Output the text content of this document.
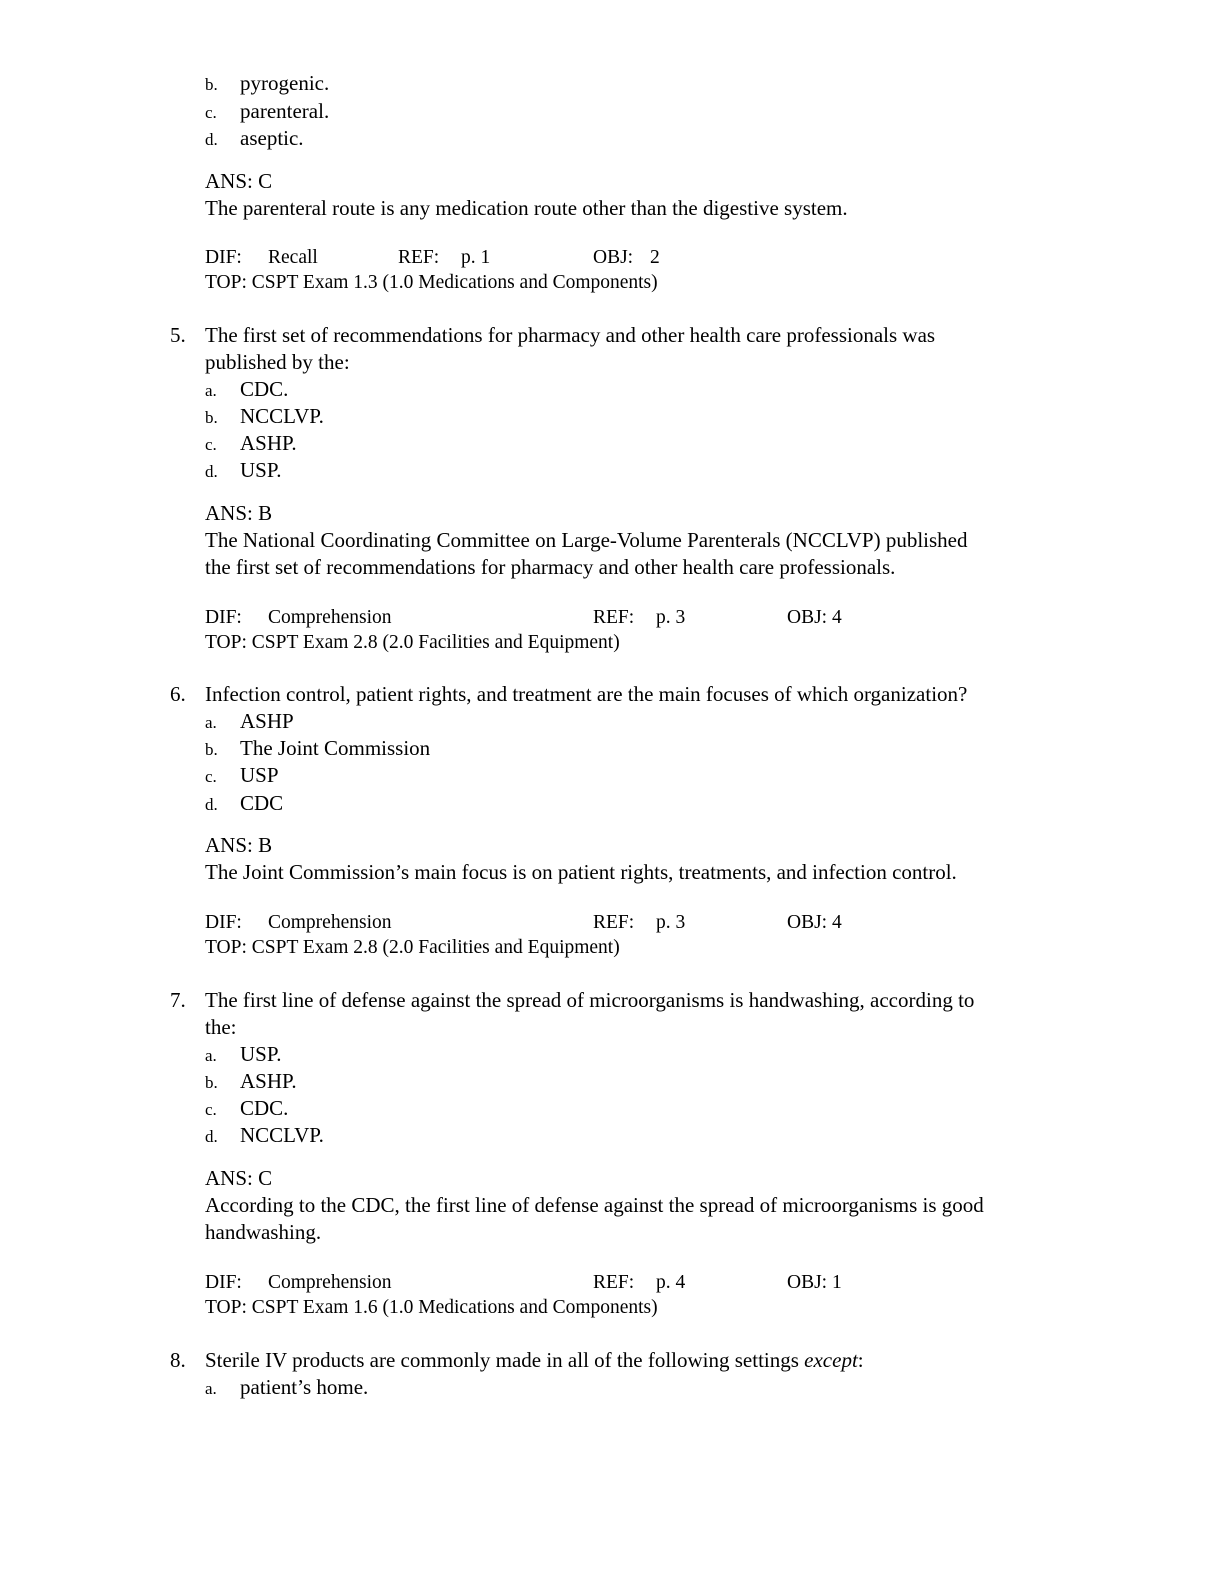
b. pyrogenic.
c. parenteral.
d. aseptic.
ANS: C
The parenteral route is any medication route other than the digestive system.
DIF: Recall	REF: p. 1	OBJ: 2
TOP: CSPT Exam 1.3 (1.0 Medications and Components)
5. The first set of recommendations for pharmacy and other health care professionals was
published by the:
a. CDC.
b. NCCLVP.
c. ASHP.
d. USP.
ANS: B
The National Coordinating Committee on Large-Volume Parenterals (NCCLVP) published
the first set of recommendations for pharmacy and other health care professionals.
DIF: Comprehension	REF: p. 3	OBJ: 4
TOP: CSPT Exam 2.8 (2.0 Facilities and Equipment)
6. Infection control, patient rights, and treatment are the main focuses of which organization?
a. ASHP
b. The Joint Commission
c. USP
d. CDC
ANS: B
The Joint Commission’s main focus is on patient rights, treatments, and infection control.
DIF: Comprehension	REF: p. 3	OBJ: 4
TOP: CSPT Exam 2.8 (2.0 Facilities and Equipment)
7. The first line of defense against the spread of microorganisms is handwashing, according to
the:
a. USP.
b. ASHP.
c. CDC.
d. NCCLVP.
ANS: C
According to the CDC, the first line of defense against the spread of microorganisms is good
handwashing.
DIF: Comprehension	REF: p. 4	OBJ: 1
TOP: CSPT Exam 1.6 (1.0 Medications and Components)
8. Sterile IV products are commonly made in all of the following settings except:
a. patient’s home.
